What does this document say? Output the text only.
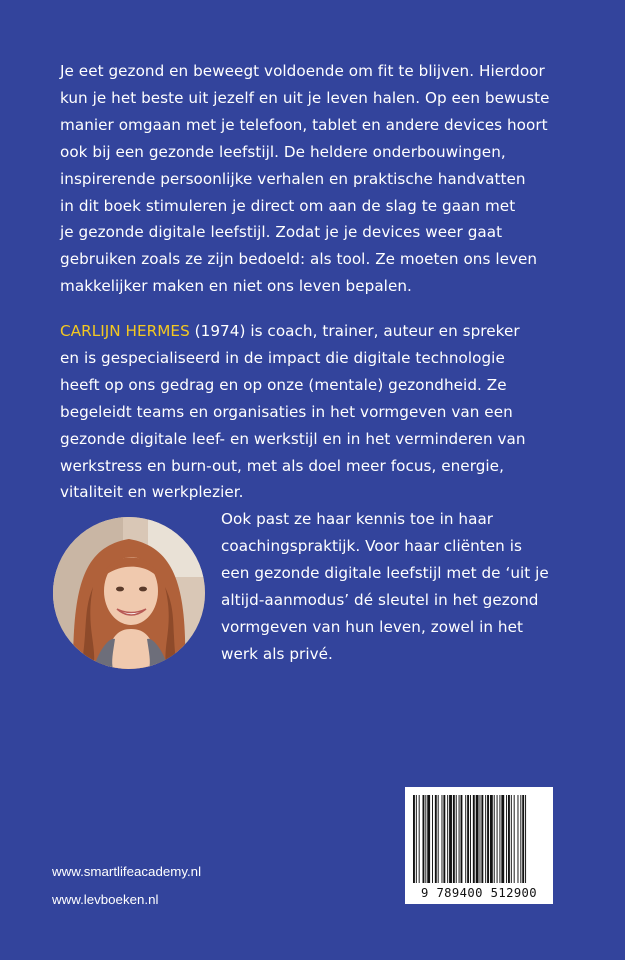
Je eet gezond en beweegt voldoende om fit te blijven. Hierdoor
kun je het beste uit jezelf en uit je leven halen. Op een bewuste
manier omgaan met je telefoon, tablet en andere devices hoort
ook bij een gezonde leefstijl. De heldere onderbouwingen,
inspirerende persoonlijke verhalen en praktische handvatten
in dit boek stimuleren je direct om aan de slag te gaan met
je gezonde digitale leefstijl. Zodat je je devices weer gaat
gebruiken zoals ze zijn bedoeld: als tool. Ze moeten ons leven
makkelijker maken en niet ons leven bepalen.
CARLIJN HERMES (1974) is coach, trainer, auteur en spreker
en is gespecialiseerd in de impact die digitale technologie
heeft op ons gedrag en op onze (mentale) gezondheid. Ze
begeleidt teams en organisaties in het vormgeven van een
gezonde digitale leef- en werkstijl en in het verminderen van
werkstress en burn-out, met als doel meer focus, energie,
vitaliteit en werkplezier.
Ook past ze haar kennis toe in haar
coachingspraktijk. Voor haar cliënten is
een gezonde digitale leefstijl met de ‘uit je
altijd-aanmodus’ dé sleutel in het gezond
vormgeven van hun leven, zowel in het
werk als privé.
www.smartlifeacademy.nl
www.levboeken.nl	9 789400 512900
